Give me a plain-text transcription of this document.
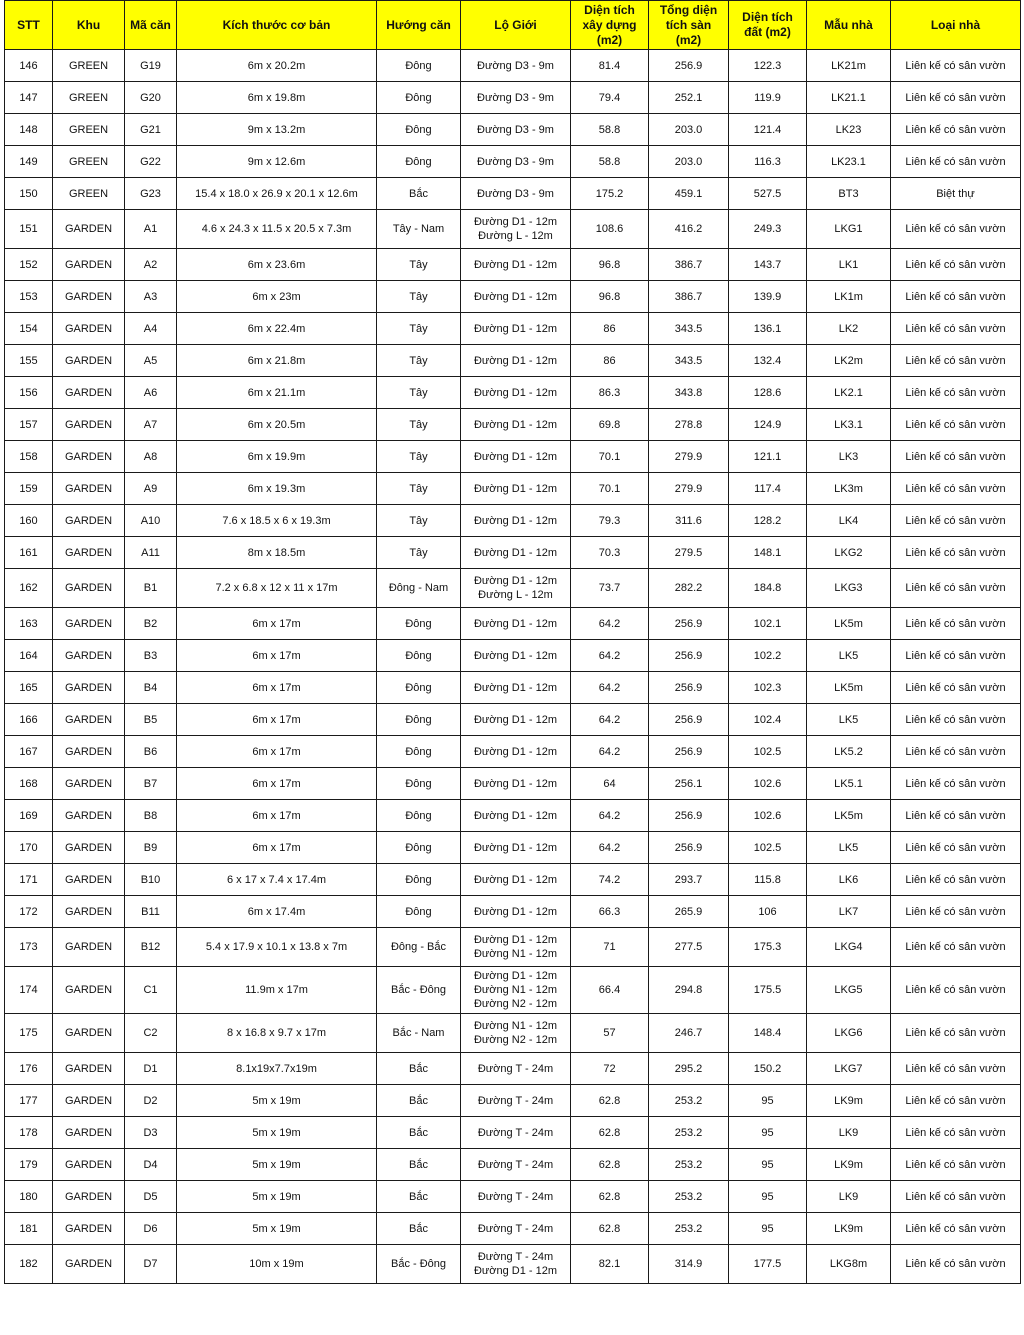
STT	Khu	Mã căn	Kích thước cơ bản	Hướng căn	Lộ Giới	Diện tích xây dựng (m2)	Tổng diện tích sàn (m2)	Diện tích đất (m2)	Mẫu nhà	Loại nhà
146	GREEN	G19	6m x 20.2m	Đông	Đường D3 - 9m	81.4	256.9	122.3	LK21m	Liên kế có sân vườn
147	GREEN	G20	6m x 19.8m	Đông	Đường D3 - 9m	79.4	252.1	119.9	LK21.1	Liên kế có sân vườn
148	GREEN	G21	9m x 13.2m	Đông	Đường D3 - 9m	58.8	203.0	121.4	LK23	Liên kế có sân vườn
149	GREEN	G22	9m x 12.6m	Đông	Đường D3 - 9m	58.8	203.0	116.3	LK23.1	Liên kế có sân vườn
150	GREEN	G23	15.4 x 18.0 x 26.9 x 20.1 x 12.6m	Bắc	Đường D3 - 9m	175.2	459.1	527.5	BT3	Biệt thự
151	GARDEN	A1	4.6 x 24.3 x 11.5 x 20.5 x 7.3m	Tây - Nam	Đường D1 - 12m
Đường L - 12m	108.6	416.2	249.3	LKG1	Liên kế có sân vườn
152	GARDEN	A2	6m x 23.6m	Tây	Đường D1 - 12m	96.8	386.7	143.7	LK1	Liên kế có sân vườn
153	GARDEN	A3	6m x 23m	Tây	Đường D1 - 12m	96.8	386.7	139.9	LK1m	Liên kế có sân vườn
154	GARDEN	A4	6m x 22.4m	Tây	Đường D1 - 12m	86	343.5	136.1	LK2	Liên kế có sân vườn
155	GARDEN	A5	6m x 21.8m	Tây	Đường D1 - 12m	86	343.5	132.4	LK2m	Liên kế có sân vườn
156	GARDEN	A6	6m x 21.1m	Tây	Đường D1 - 12m	86.3	343.8	128.6	LK2.1	Liên kế có sân vườn
157	GARDEN	A7	6m x 20.5m	Tây	Đường D1 - 12m	69.8	278.8	124.9	LK3.1	Liên kế có sân vườn
158	GARDEN	A8	6m x 19.9m	Tây	Đường D1 - 12m	70.1	279.9	121.1	LK3	Liên kế có sân vườn
159	GARDEN	A9	6m x 19.3m	Tây	Đường D1 - 12m	70.1	279.9	117.4	LK3m	Liên kế có sân vườn
160	GARDEN	A10	7.6 x 18.5 x 6 x 19.3m	Tây	Đường D1 - 12m	79.3	311.6	128.2	LK4	Liên kế có sân vườn
161	GARDEN	A11	8m x 18.5m	Tây	Đường D1 - 12m	70.3	279.5	148.1	LKG2	Liên kế có sân vườn
162	GARDEN	B1	7.2 x 6.8 x 12 x 11 x 17m	Đông - Nam	Đường D1 - 12m
Đường L - 12m	73.7	282.2	184.8	LKG3	Liên kế có sân vườn
163	GARDEN	B2	6m x 17m	Đông	Đường D1 - 12m	64.2	256.9	102.1	LK5m	Liên kế có sân vườn
164	GARDEN	B3	6m x 17m	Đông	Đường D1 - 12m	64.2	256.9	102.2	LK5	Liên kế có sân vườn
165	GARDEN	B4	6m x 17m	Đông	Đường D1 - 12m	64.2	256.9	102.3	LK5m	Liên kế có sân vườn
166	GARDEN	B5	6m x 17m	Đông	Đường D1 - 12m	64.2	256.9	102.4	LK5	Liên kế có sân vườn
167	GARDEN	B6	6m x 17m	Đông	Đường D1 - 12m	64.2	256.9	102.5	LK5.2	Liên kế có sân vườn
168	GARDEN	B7	6m x 17m	Đông	Đường D1 - 12m	64	256.1	102.6	LK5.1	Liên kế có sân vườn
169	GARDEN	B8	6m x 17m	Đông	Đường D1 - 12m	64.2	256.9	102.6	LK5m	Liên kế có sân vườn
170	GARDEN	B9	6m x 17m	Đông	Đường D1 - 12m	64.2	256.9	102.5	LK5	Liên kế có sân vườn
171	GARDEN	B10	6 x 17 x 7.4 x 17.4m	Đông	Đường D1 - 12m	74.2	293.7	115.8	LK6	Liên kế có sân vườn
172	GARDEN	B11	6m x 17.4m	Đông	Đường D1 - 12m	66.3	265.9	106	LK7	Liên kế có sân vườn
173	GARDEN	B12	5.4 x 17.9 x 10.1 x 13.8 x 7m	Đông - Bắc	Đường D1 - 12m
Đường N1 - 12m	71	277.5	175.3	LKG4	Liên kế có sân vườn
174	GARDEN	C1	11.9m x 17m	Bắc - Đông	Đường D1 - 12m
Đường N1 - 12m
Đường N2 - 12m	66.4	294.8	175.5	LKG5	Liên kế có sân vườn
175	GARDEN	C2	8 x 16.8 x 9.7 x 17m	Bắc - Nam	Đường N1 - 12m
Đường N2 - 12m	57	246.7	148.4	LKG6	Liên kế có sân vườn
176	GARDEN	D1	8.1x19x7.7x19m	Bắc	Đường T - 24m	72	295.2	150.2	LKG7	Liên kế có sân vườn
177	GARDEN	D2	5m x 19m	Bắc	Đường T - 24m	62.8	253.2	95	LK9m	Liên kế có sân vườn
178	GARDEN	D3	5m x 19m	Bắc	Đường T - 24m	62.8	253.2	95	LK9	Liên kế có sân vườn
179	GARDEN	D4	5m x 19m	Bắc	Đường T - 24m	62.8	253.2	95	LK9m	Liên kế có sân vườn
180	GARDEN	D5	5m x 19m	Bắc	Đường T - 24m	62.8	253.2	95	LK9	Liên kế có sân vườn
181	GARDEN	D6	5m x 19m	Bắc	Đường T - 24m	62.8	253.2	95	LK9m	Liên kế có sân vườn
182	GARDEN	D7	10m x 19m	Bắc - Đông	Đường T - 24m
Đường D1 - 12m	82.1	314.9	177.5	LKG8m	Liên kế có sân vườn
